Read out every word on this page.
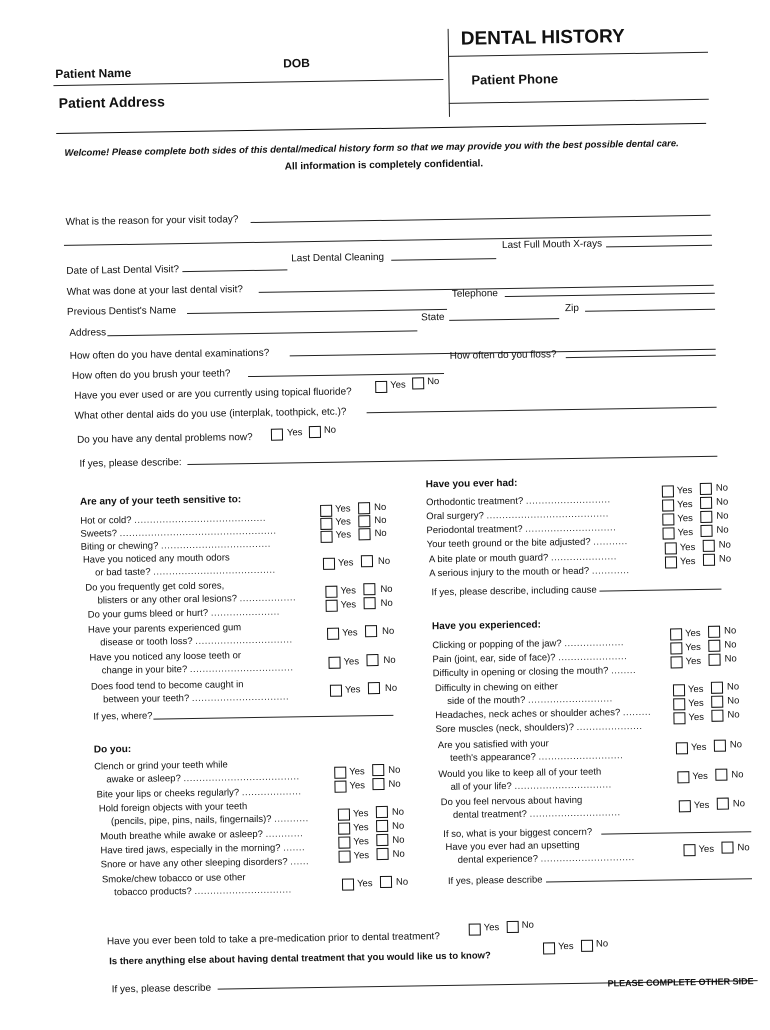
DENTAL HISTORY
Patient Name
DOB
Patient Address
Patient Phone
Welcome! Please complete both sides of this dental/medical history form so that we may provide you with the best possible dental care.
All information is completely confidential.
What is the reason for your visit today?
Date of Last Dental Visit?
Last Dental Cleaning
Last Full Mouth X-rays
What was done at your last dental visit?
Previous Dentist's Name
Telephone
Address
State
Zip
How often do you have dental examinations?
How often do you brush your teeth?
How often do you floss?
Have you ever used or are you currently using topical fluoride?
Yes No
What other dental aids do you use (interplak, toothpick, etc.)?
Do you have any dental problems now?	Yes No
If yes, please describe:
Are any of your teeth sensitive to:
Hot or cold? ..........................................
Yes No
Sweets? ..................................................
Yes No
Biting or chewing? ...................................
Yes No
Have you noticed any mouth odors
or bad taste? .......................................
Yes	No
Do you frequently get cold sores,
blisters or any other oral lesions? ..................
Yes	No
Do your gums bleed or hurt? ......................
Yes	No
Have your parents experienced gum
disease or tooth loss? ...............................
Yes	No
Have you noticed any loose teeth or
change in your bite? .................................
Yes	No
Does food tend to become caught in
between your teeth? ...............................
Yes	No
If yes, where?
Have you ever had:
Orthodontic treatment? ...........................
Yes No
Oral surgery? .......................................
Yes No
Periodontal treatment? .............................
Yes No
Your teeth ground or the bite adjusted? ...........
Yes No
A bite plate or mouth guard? .....................
Yes No
A serious injury to the mouth or head? ............
Yes No
If yes, please describe, including cause
Have you experienced:
Clicking or popping of the jaw? ...................
Yes No
Pain (joint, ear, side of face)? ......................
Yes No
Difficulty in opening or closing the mouth? ........
Yes No
Difficulty in chewing on either
side of the mouth? ...........................
Yes No
Headaches, neck aches or shoulder aches? .........
Yes No
Sore muscles (neck, shoulders)? .....................
Yes No
Are you satisfied with your
teeth's appearance? ...........................
Yes No
Would you like to keep all of your teeth
all of your life? ...............................
Yes No
Do you feel nervous about having
dental treatment? .............................
Yes No
If so, what is your biggest concern?
Have you ever had an upsetting
dental experience? ..............................
Yes No
If yes, please describe
Do you:
Clench or grind your teeth while
awake or asleep? .....................................	Yes No
Bite your lips or cheeks regularly? ...................
Yes No
Hold foreign objects with your teeth
(pencils, pipe, pins, nails, fingernails)? ...........	Yes No
Mouth breathe while awake or asleep? ............
Yes No
Have tired jaws, especially in the morning? .......
Yes No
Snore or have any other sleeping disorders? ......
Yes No
Smoke/chew tobacco or use other
tobacco products? ...............................
Yes No
Have you ever been told to take a pre-medication prior to dental treatment?
Yes No
Is there anything else about having dental treatment that you would like us to know?
Yes No
If yes, please describe
PLEASE COMPLETE OTHER SIDE
